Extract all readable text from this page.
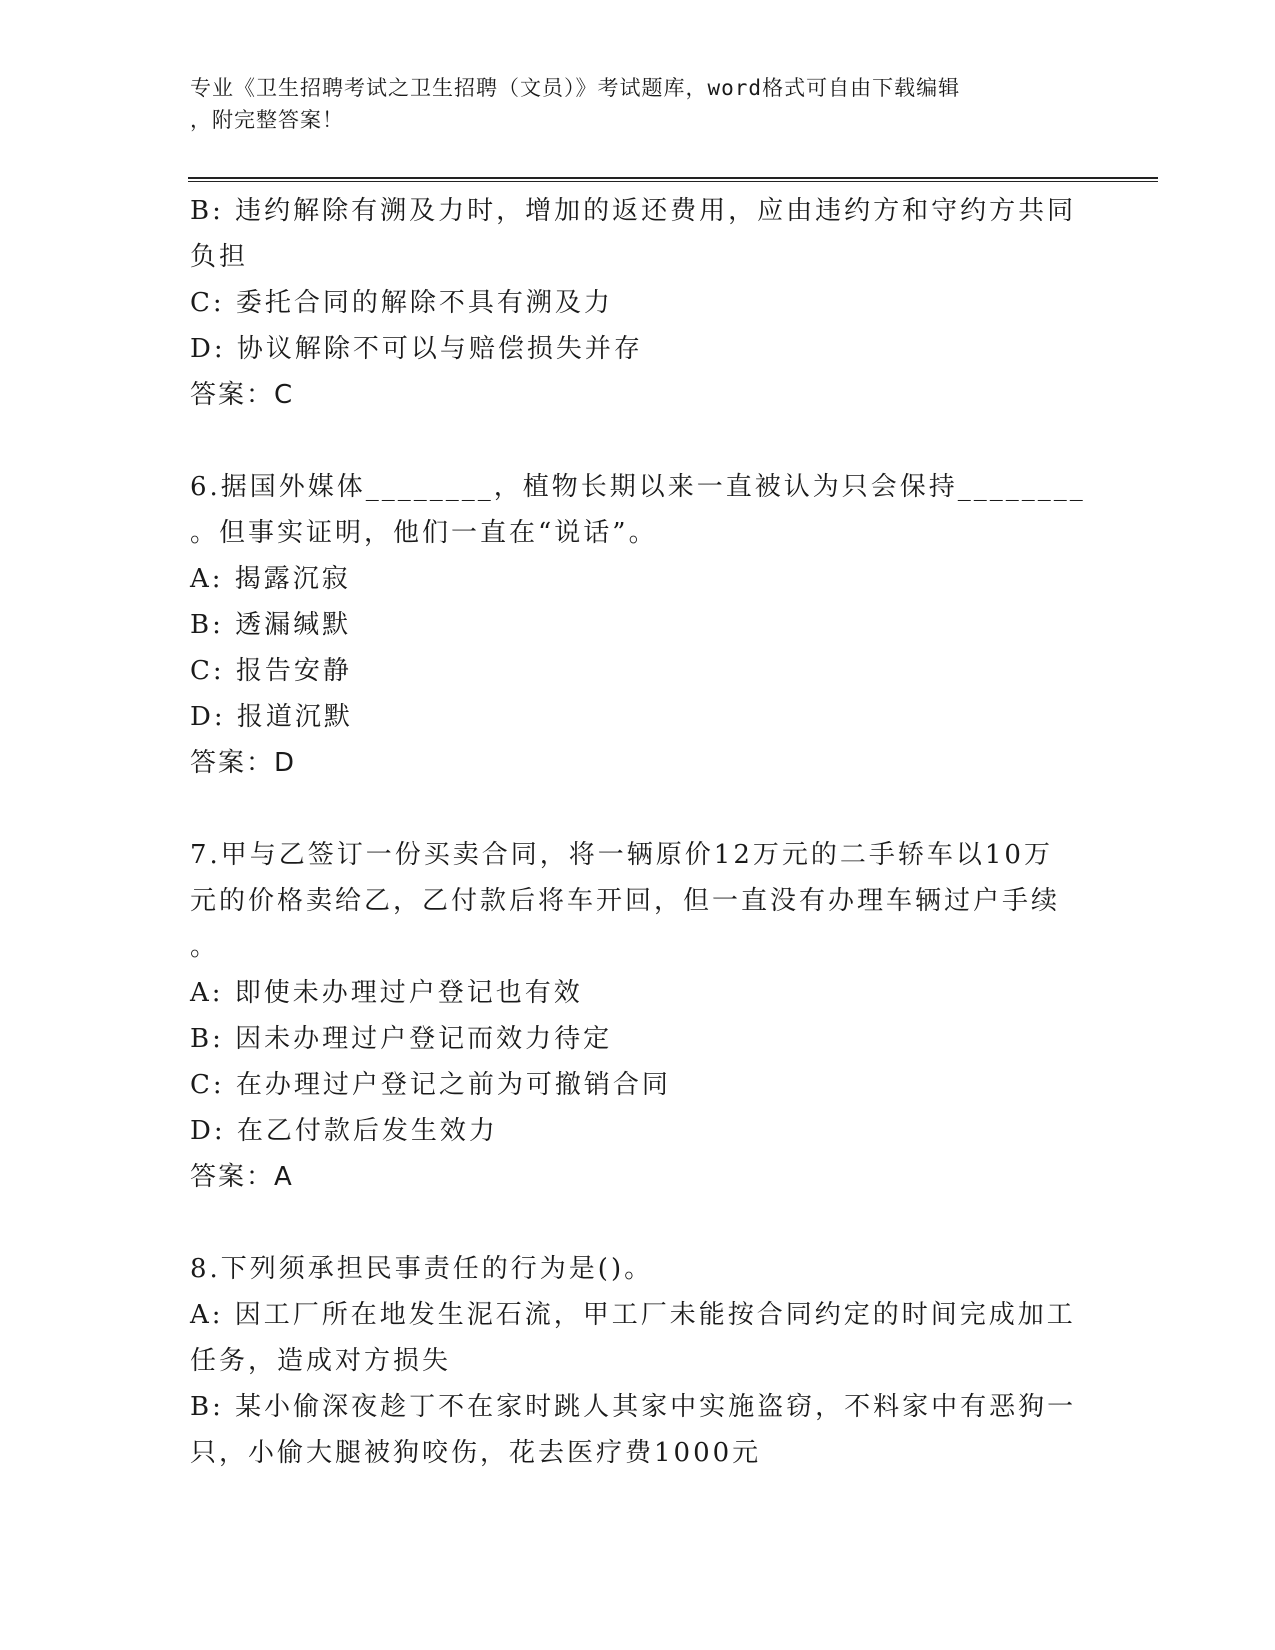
专业《卫生招聘考试之卫生招聘（文员）》考试题库，word格式可自由下载编辑
，附完整答案！

B: 违约解除有溯及力时，增加的返还费用，应由违约方和守约方共同

负担

C: 委托合同的解除不具有溯及力

D: 协议解除不可以与赔偿损失并存

答案：C

6.据国外媒体________，植物长期以来一直被认为只会保持________

。但事实证明，他们一直在“说话”。

A: 揭露沉寂

B: 透漏缄默

C: 报告安静

D: 报道沉默

答案：D

7.甲与乙签订一份买卖合同，将一辆原价12万元的二手轿车以10万

元的价格卖给乙，乙付款后将车开回，但一直没有办理车辆过户手续

。

A: 即使未办理过户登记也有效

B: 因未办理过户登记而效力待定

C: 在办理过户登记之前为可撤销合同

D: 在乙付款后发生效力

答案：A

8.下列须承担民事责任的行为是()。

A: 因工厂所在地发生泥石流，甲工厂未能按合同约定的时间完成加工

任务，造成对方损失

B: 某小偷深夜趁丁不在家时跳人其家中实施盗窃，不料家中有恶狗一

只，小偷大腿被狗咬伤，花去医疗费1000元
